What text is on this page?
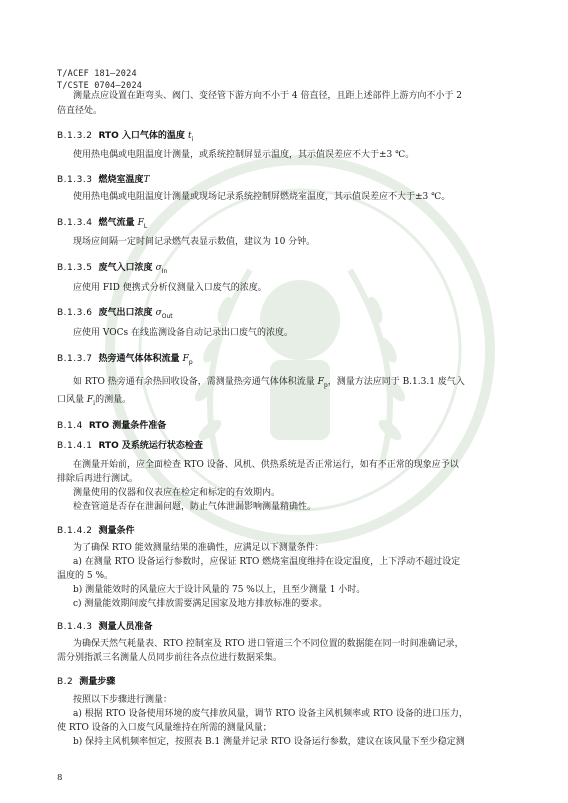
T/ACEF 181—2024
T/CSTE 0704—2024
测量点应设置在距弯头、阀门、变径管下游方向不小于 4 倍直径，且距上述部件上游方向不小于 2
倍直径处。
B.1.3.2 RTO 入口气体的温度 $t_i$
使用热电偶或电阻温度计测量，或系统控制屏显示温度，其示值误差应不大于±3 ℃。
B.1.3.3 燃烧室温度T
使用热电偶或电阻温度计测量或现场记录系统控制屏燃烧室温度，其示值误差应不大于±3 ℃。
B.1.3.4 燃气流量 $F_L$
现场应间隔一定时间记录燃气表显示数值，建议为 10 分钟。
B.1.3.5 废气入口浓度 $\sigma_{In}$
应使用 FID 便携式分析仪测量入口废气的浓度。
B.1.3.6 废气出口浓度 $\sigma_{Out}$
应使用 VOCs 在线监测设备自动记录出口废气的浓度。
B.1.3.7 热旁通气体体积流量 $F_p$
如 RTO 热旁通有余热回收设备，需测量热旁通气体体积流量 $F_p$，测量方法应同于 B.1.3.1 废气入
口风量 $F_i$的测量。
B.1.4 RTO 测量条件准备
B.1.4.1 RTO 及系统运行状态检查
在测量开始前，应全面检查 RTO 设备、风机、供热系统是否正常运行，如有不正常的现象应予以
排除后再进行测试。
测量使用的仪器和仪表应在检定和标定的有效期内。
检查管道是否存在泄漏问题，防止气体泄漏影响测量精确性。
B.1.4.2 测量条件
为了确保 RTO 能效测量结果的准确性，应满足以下测量条件：
a) 在测量 RTO 设备运行参数时，应保证 RTO 燃烧室温度维持在设定温度，上下浮动不超过设定
温度的 5 %。
b) 测量能效时的风量应大于设计风量的 75 %以上，且至少测量 1 小时。
c) 测量能效期间废气排放需要满足国家及地方排放标准的要求。
B.1.4.3 测量人员准备
为确保天然气耗量表、RTO 控制室及 RTO 进口管道三个不同位置的数据能在同一时间准确记录，
需分别指派三名测量人员同步前往各点位进行数据采集。
B.2 测量步骤
按照以下步骤进行测量：
a) 根据 RTO 设备使用环境的废气排放风量，调节 RTO 设备主风机频率或 RTO 设备的进口压力，
使 RTO 设备的入口废气风量维持在所需的测量风量；
b) 保持主风机频率恒定，按照表 B.1 测量并记录 RTO 设备运行参数，建议在该风量下至少稳定测
8
